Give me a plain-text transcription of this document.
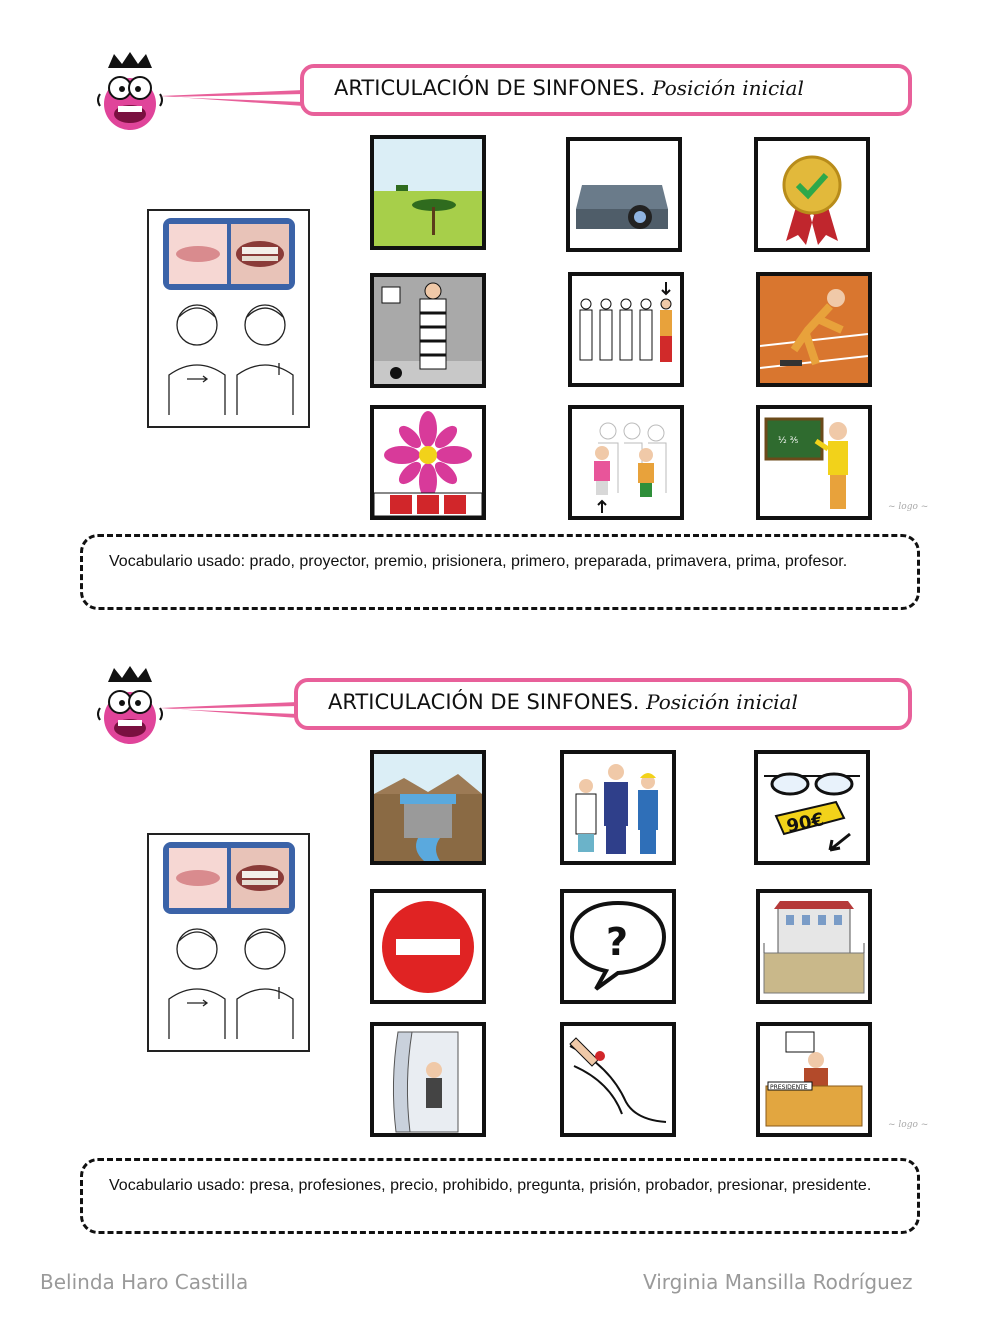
ARTICULACIÓN DE SINFONES. Posición inicial
½ ⅗
~ logo ~
Vocabulario usado: prado, proyector, premio, prisionera, primero, preparada, primavera, prima, profesor.
ARTICULACIÓN DE SINFONES. Posición inicial
90€
?
PRESIDENTE
~ logo ~
Vocabulario usado: presa, profesiones, precio, prohibido, pregunta, prisión, probador, presionar, presidente.
Belinda Haro Castilla	Virginia Mansilla Rodríguez
